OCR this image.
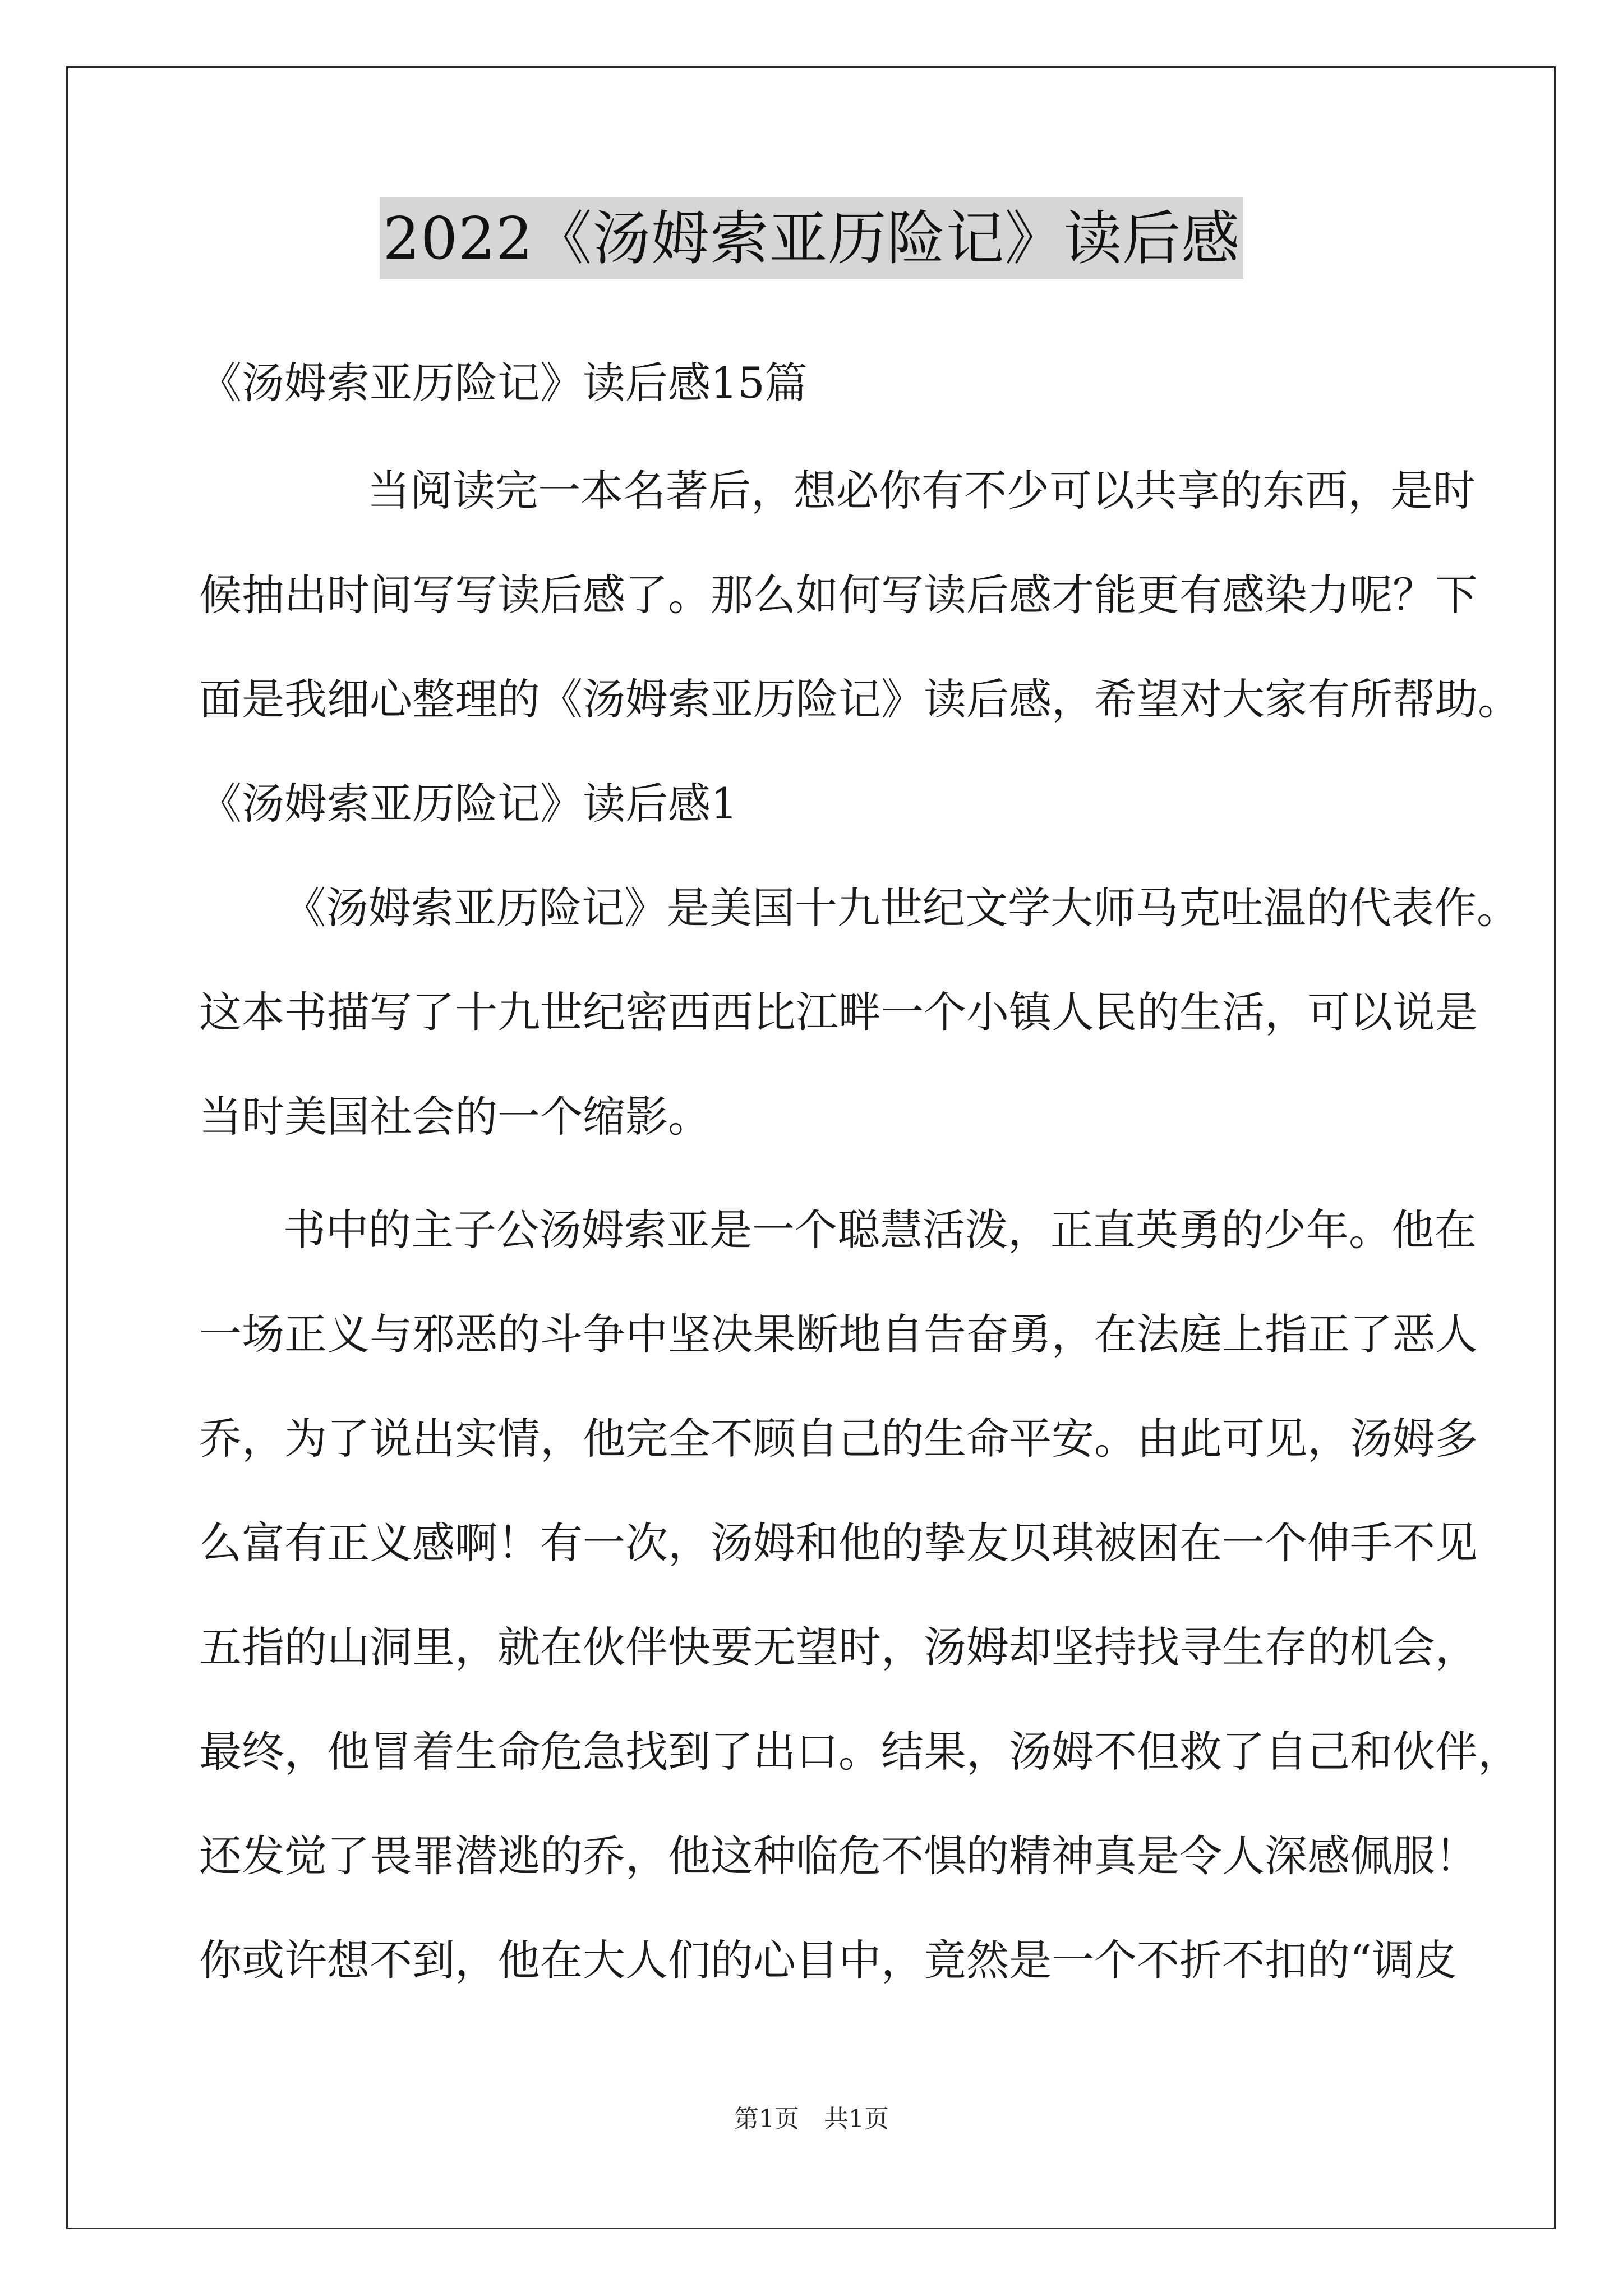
2022《汤姆索亚历险记》读后感
《汤姆索亚历险记》读后感15篇
当阅读完一本名著后，想必你有不少可以共享的东西，是时
候抽出时间写写读后感了。那么如何写读后感才能更有感染力呢？下
面是我细心整理的《汤姆索亚历险记》读后感，希望对大家有所帮助。
《汤姆索亚历险记》读后感1
《汤姆索亚历险记》是美国十九世纪文学大师马克吐温的代表作。
这本书描写了十九世纪密西西比江畔一个小镇人民的生活，可以说是
当时美国社会的一个缩影。
书中的主子公汤姆索亚是一个聪慧活泼，正直英勇的少年。他在
一场正义与邪恶的斗争中坚决果断地自告奋勇，在法庭上指正了恶人
乔，为了说出实情，他完全不顾自己的生命平安。由此可见，汤姆多
么富有正义感啊！有一次，汤姆和他的挚友贝琪被困在一个伸手不见
五指的山洞里，就在伙伴快要无望时，汤姆却坚持找寻生存的机会，
最终，他冒着生命危急找到了出口。结果，汤姆不但救了自己和伙伴，
还发觉了畏罪潜逃的乔，他这种临危不惧的精神真是令人深感佩服！
你或许想不到，他在大人们的心目中，竟然是一个不折不扣的“调皮
第1页 共1页
